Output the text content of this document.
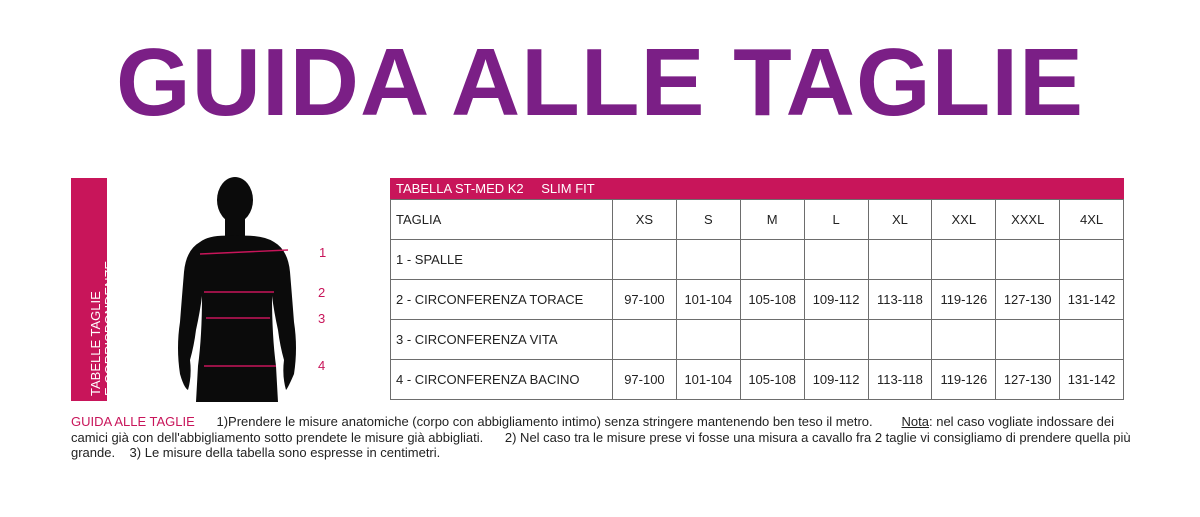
GUIDA ALLE TAGLIE
TABELLE TAGLIE E CORRISPONDENZE
1
2
3
4
TABELLA ST-MED K2 SLIM FIT
TAGLIA	XS	S	M	L	XL	XXL	XXXL	4XL
1 - SPALLE								
2 - CIRCONFERENZA TORACE	97-100	101-104	105-108	109-112	113-118	119-126	127-130	131-142
3 - CIRCONFERENZA VITA								
4 - CIRCONFERENZA BACINO	97-100	101-104	105-108	109-112	113-118	119-126	127-130	131-142
GUIDA ALLE TAGLIE 1)Prendere le misure anatomiche (corpo con abbigliamento intimo) senza stringere mantenendo ben teso il metro. Nota: nel caso vogliate indossare dei camici già con dell'abbigliamento sotto prendete le misure già abbigliati. 2) Nel caso tra le misure prese vi fosse una misura a cavallo fra 2 taglie vi consigliamo di prendere quella più grande. 3) Le misure della tabella sono espresse in centimetri.
